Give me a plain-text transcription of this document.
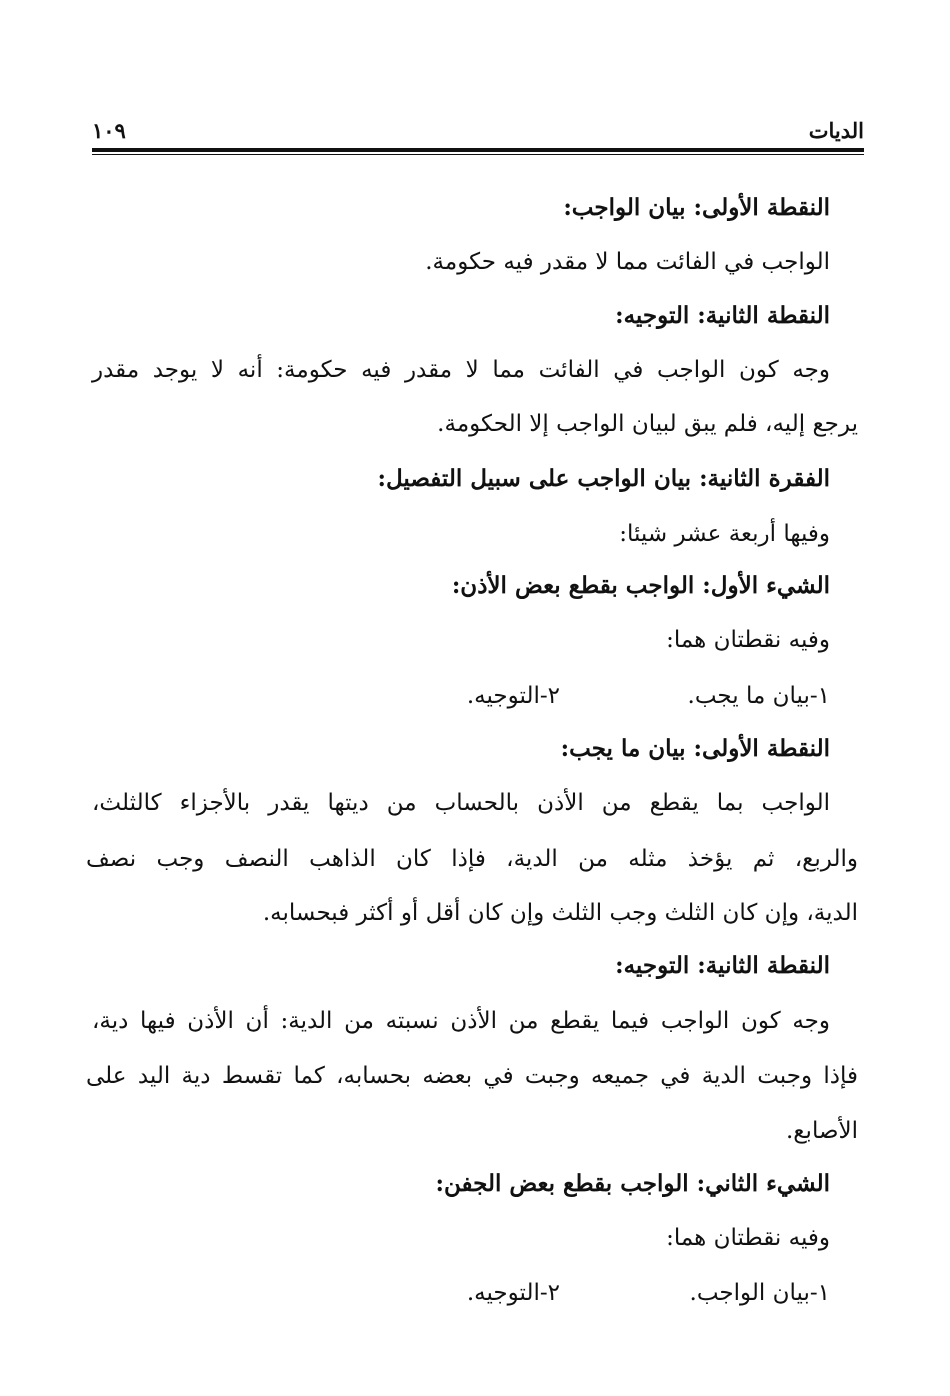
الديات
١٠٩
النقطة الأولى: بيان الواجب:
الواجب في الفائت مما لا مقدر فيه حكومة.
النقطة الثانية: التوجيه:
وجه كون الواجب في الفائت مما لا مقدر فيه حكومة: أنه لا يوجد مقدر
يرجع إليه، فلم يبق لبيان الواجب إلا الحكومة.
الفقرة الثانية: بيان الواجب على سبيل التفصيل:
وفيها أربعة عشر شيئا:
الشيء الأول: الواجب بقطع بعض الأذن:
وفيه نقطتان هما:
١-بيان ما يجب.
٢-التوجيه.
النقطة الأولى: بيان ما يجب:
الواجب بما يقطع من الأذن بالحساب من ديتها يقدر بالأجزاء كالثلث،
والربع، ثم يؤخذ مثله من الدية، فإذا كان الذاهب النصف وجب نصف
الدية، وإن كان الثلث وجب الثلث وإن كان أقل أو أكثر فبحسابه.
النقطة الثانية: التوجيه:
وجه كون الواجب فيما يقطع من الأذن نسبته من الدية: أن الأذن فيها دية،
فإذا وجبت الدية في جميعه وجبت في بعضه بحسابه، كما تقسط دية اليد على
الأصابع.
الشيء الثاني: الواجب بقطع بعض الجفن:
وفيه نقطتان هما:
١-بيان الواجب.
٢-التوجيه.
